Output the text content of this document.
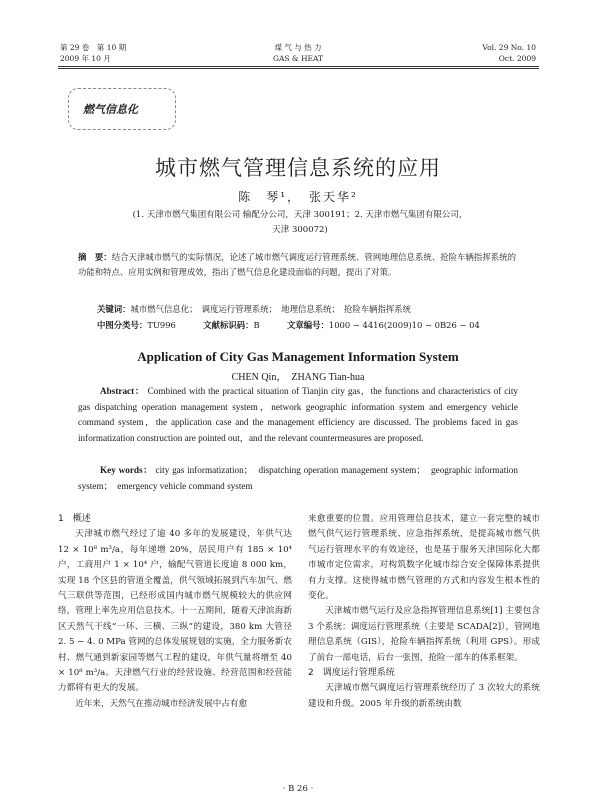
第 29 卷　第 10 期
2009 年 10 月
煤 气 与 热 力
GAS & HEAT
Vol. 29 No. 10
Oct. 2009
燃气信息化
城市燃气管理信息系统的应用
陈　琴¹，　张天华²
(1. 天津市燃气集团有限公司 输配分公司，天津 300191；2. 天津市燃气集团有限公司，
天津 300072)
摘　要：结合天津城市燃气的实际情况，论述了城市燃气调度运行管理系统、管网地理信息系统、抢险车辆指挥系统的功能和特点、应用实例和管理成效，指出了燃气信息化建设面临的问题，提出了对策。
关键词：城市燃气信息化；　调度运行管理系统；　地理信息系统；　抢险车辆指挥系统
中图分类号：TU996	文献标识码：B	文章编号：1000 − 4416(2009)10 − 0B26 − 04
Application of City Gas Management Information System
CHEN Qin，　ZHANG Tian-hua
Abstract： Combined with the practical situation of Tianjin city gas，the functions and characteristics of city gas dispatching operation management system，network geographic information system and emergency vehicle command system，the application case and the management efficiency are discussed. The problems faced in gas informatization construction are pointed out，and the relevant countermeasures are proposed.
Key words： city gas informatization；　dispatching operation management system；　geographic information system；　emergency vehicle command system

1　概述

天津城市燃气经过了逾 40 多年的发展建设，年供气达 12 × 10⁸ m³/a，每年递增 20%，居民用户有 185 × 10⁴ 户，工商用户 1 × 10⁴ 户，输配气管道长度逾 8 000 km，实现 18 个区县的管道全覆盖，供气领域拓展到汽车加气、燃气三联供等范围，已经形成国内城市燃气规模较大的供应网络，管理上率先应用信息技术。十一五期间，随着天津滨海新区天然气干线“一环、三横、三纵”的建设，380 km 大管径 2. 5 − 4. 0 MPa 管网的总体发展规划的实施，全力服务新农村、燃气通到新家园等燃气工程的建设，年供气量将增至 40 × 10⁸ m³/a。天津燃气行业的经营设施、经营范围和经营能力都将有更大的发展。

近年来，天然气在推动城市经济发展中占有愈

来愈重要的位置。应用管理信息技术，建立一套完整的城市燃气供气运行管理系统、应急指挥系统，是提高城市燃气供气运行管理水平的有效途径，也是基于服务天津国际化大都市城市定位需求，对构筑数字化城市综合安全保障体系提供有力支撑。这使得城市燃气管理的方式和内容发生根本性的变化。

天津城市燃气运行及应急指挥管理信息系统[1] 主要包含 3 个系统：调度运行管理系统（主要是 SCADA[2]），管网地理信息系统（GIS），抢险车辆指挥系统（利用 GPS）。形成了前台一部电话，后台一张图，抢险一部车的体系框架。

2　调度运行管理系统

天津城市燃气调度运行管理系统经历了 3 次较大的系统建设和升级。2005 年升级的新系统由数

· B 26 ·
